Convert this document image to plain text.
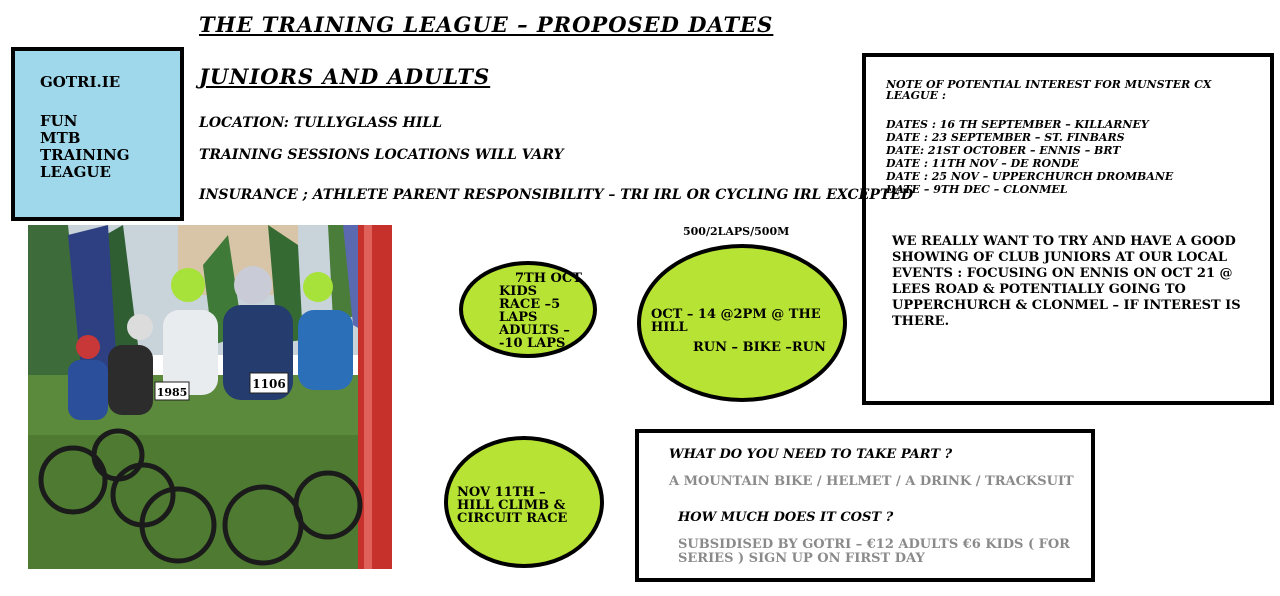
THE TRAINING LEAGUE – PROPOSED DATES
JUNIORS AND ADULTS
LOCATION: TULLYGLASS HILL
TRAINING SESSIONS LOCATIONS WILL VARY
INSURANCE ; ATHLETE PARENT RESPONSIBILITY – TRI IRL OR CYCLING IRL EXCEPTED
GOTRI.IE
FUN
MTB
TRAINING
LEAGUE
1106
1985
7TH OCT
KIDS
RACE –5
LAPS
ADULTS –
-10 LAPS
500/2LAPS/500M
OCT – 14 @2PM @ THE
HILL
RUN – BIKE –RUN
NOV 11TH –
HILL CLIMB &
CIRCUIT RACE
NOTE OF POTENTIAL INTEREST FOR MUNSTER CX LEAGUE :
DATES : 16 TH SEPTEMBER – KILLARNEY
DATE : 23 SEPTEMBER – ST. FINBARS
DATE: 21ST OCTOBER – ENNIS – BRT
DATE : 11TH NOV – DE RONDE
DATE : 25 NOV – UPPERCHURCH DROMBANE
DATE – 9TH DEC – CLONMEL
WE REALLY WANT TO TRY AND HAVE A GOOD SHOWING OF CLUB JUNIORS AT OUR LOCAL EVENTS : FOCUSING ON ENNIS ON OCT 21 @ LEES ROAD & POTENTIALLY GOING TO UPPERCHURCH & CLONMEL – IF INTEREST IS THERE.
WHAT DO YOU NEED TO TAKE PART ?
A MOUNTAIN BIKE / HELMET / A DRINK / TRACKSUIT
HOW MUCH DOES IT COST ?
SUBSIDISED BY GOTRI – €12 ADULTS €6 KIDS ( FOR SERIES ) SIGN UP ON FIRST DAY
